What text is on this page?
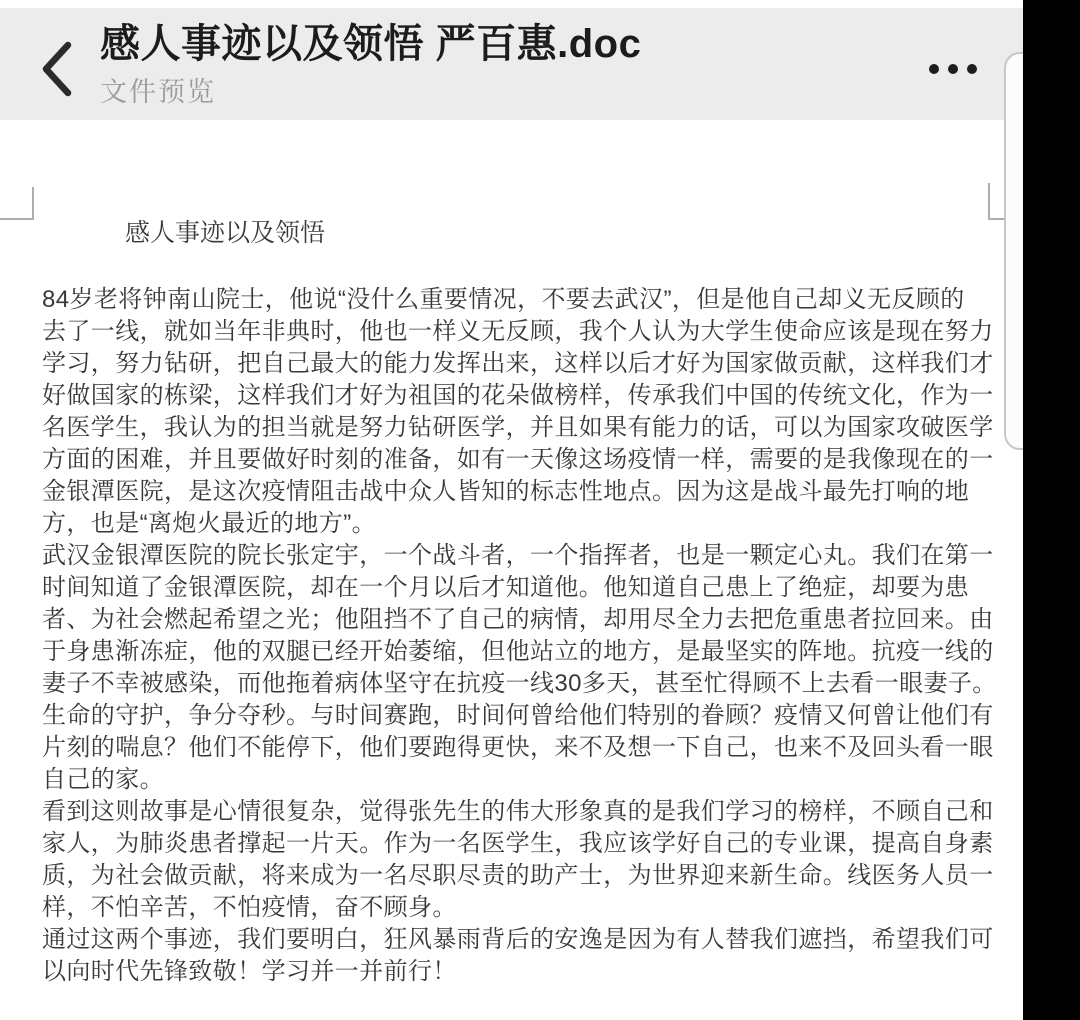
感人事迹以及领悟 严百惠.doc
文件预览
感人事迹以及领悟
84岁老将钟南山院士，他说“没什么重要情况，不要去武汉”，但是他自己却义无反顾的
去了一线，就如当年非典时，他也一样义无反顾，我个人认为大学生使命应该是现在努力
学习，努力钻研，把自己最大的能力发挥出来，这样以后才好为国家做贡献，这样我们才
好做国家的栋梁，这样我们才好为祖国的花朵做榜样，传承我们中国的传统文化，作为一
名医学生，我认为的担当就是努力钻研医学，并且如果有能力的话，可以为国家攻破医学
方面的困难，并且要做好时刻的准备，如有一天像这场疫情一样，需要的是我像现在的一
金银潭医院，是这次疫情阻击战中众人皆知的标志性地点。因为这是战斗最先打响的地
方，也是“离炮火最近的地方”。
武汉金银潭医院的院长张定宇，一个战斗者，一个指挥者，也是一颗定心丸。我们在第一
时间知道了金银潭医院，却在一个月以后才知道他。他知道自己患上了绝症，却要为患
者、为社会燃起希望之光；他阻挡不了自己的病情，却用尽全力去把危重患者拉回来。由
于身患渐冻症，他的双腿已经开始萎缩，但他站立的地方，是最坚实的阵地。抗疫一线的
妻子不幸被感染，而他拖着病体坚守在抗疫一线30多天，甚至忙得顾不上去看一眼妻子。
生命的守护，争分夺秒。与时间赛跑，时间何曾给他们特别的眷顾？疫情又何曾让他们有
片刻的喘息？他们不能停下，他们要跑得更快，来不及想一下自己，也来不及回头看一眼
自己的家。
看到这则故事是心情很复杂，觉得张先生的伟大形象真的是我们学习的榜样，不顾自己和
家人，为肺炎患者撑起一片天。作为一名医学生，我应该学好自己的专业课，提高自身素
质，为社会做贡献，将来成为一名尽职尽责的助产士，为世界迎来新生命。线医务人员一
样，不怕辛苦，不怕疫情，奋不顾身。
通过这两个事迹，我们要明白，狂风暴雨背后的安逸是因为有人替我们遮挡，希望我们可
以向时代先锋致敬！学习并一并前行！
